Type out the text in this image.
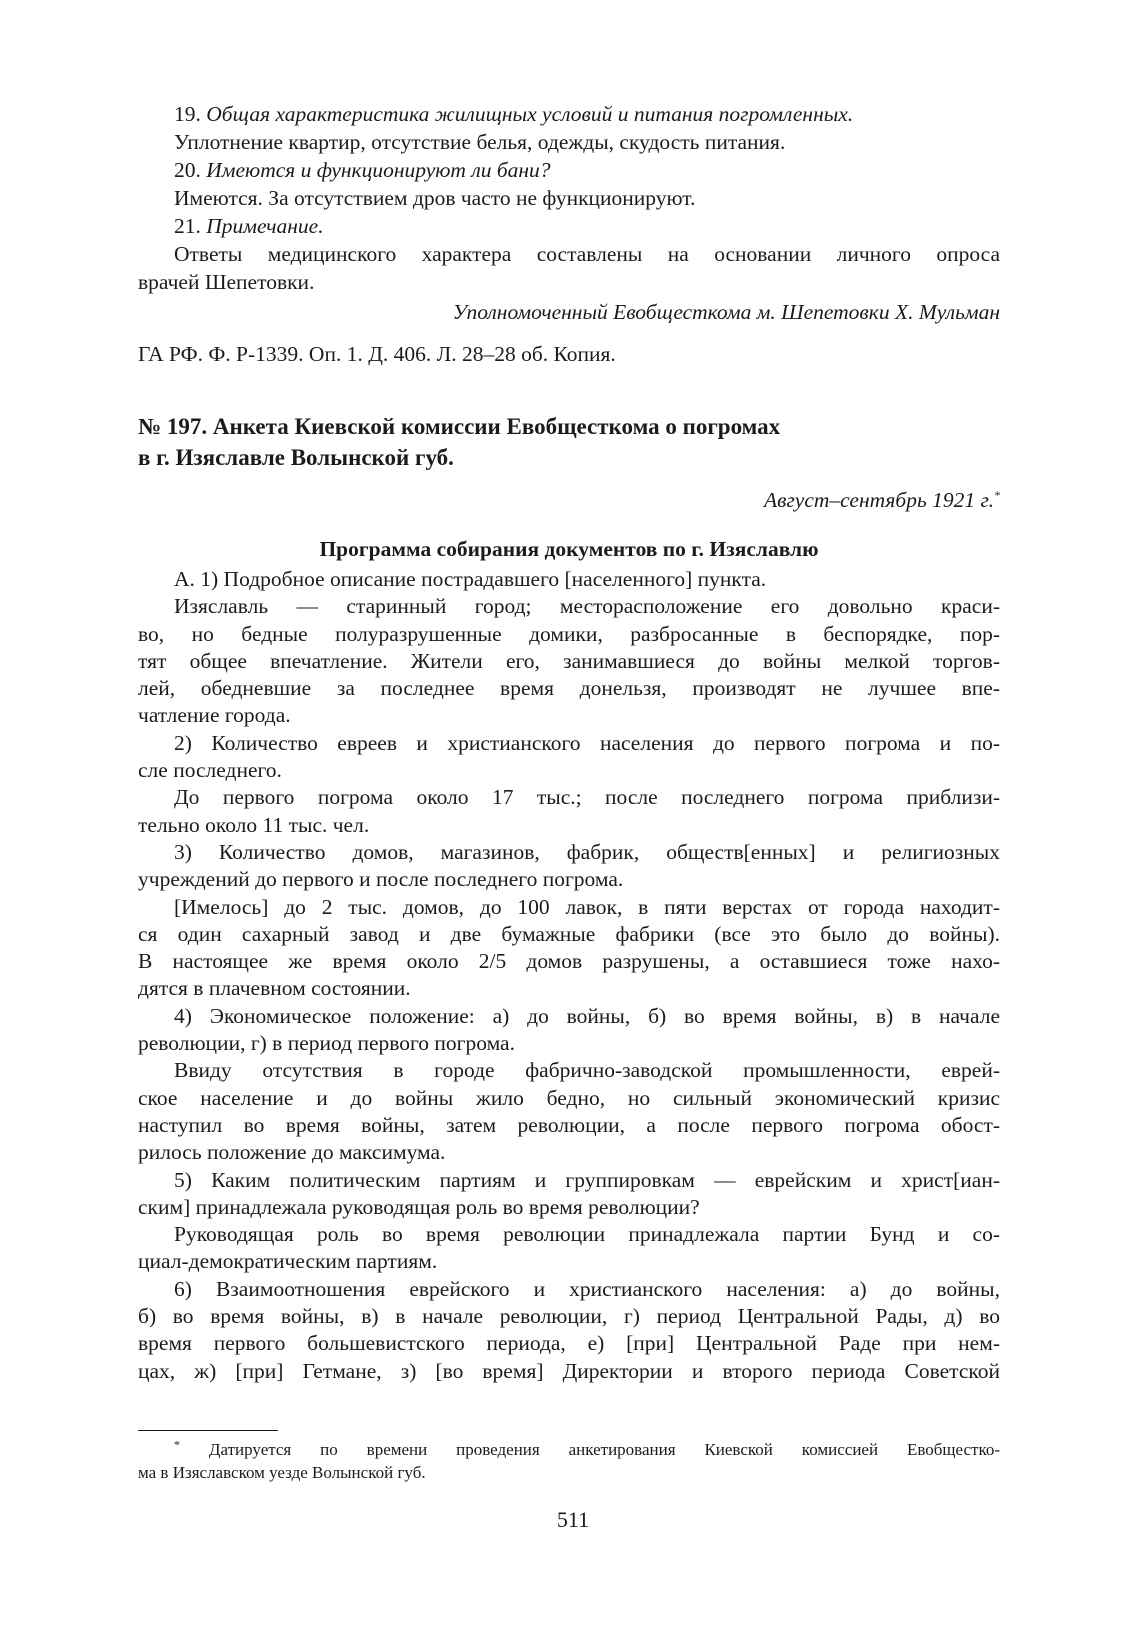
19. Общая характеристика жилищных условий и питания погромленных.

Уплотнение квартир, отсутствие белья, одежды, скудость питания.

20. Имеются и функционируют ли бани?

Имеются. За отсутствием дров часто не функционируют.

21. Примечание.

Ответы медицинского характера составлены на основании личного опроса

врачей Шепетовки.

Уполномоченный Евобщесткома м. Шепетовки Х. Мульман

ГА РФ. Ф. Р-1339. Оп. 1. Д. 406. Л. 28–28 об. Копия.

№ 197. Анкета Киевской комиссии Евобщесткома о погромах

в г. Изяславле Волынской губ.

Август–сентябрь 1921 г.*

Программа собирания документов по г. Изяславлю

А. 1) Подробное описание пострадавшего [населенного] пункта.

Изяславль — старинный город; месторасположение его довольно краси-

во, но бедные полуразрушенные домики, разбросанные в беспорядке, пор-

тят общее впечатление. Жители его, занимавшиеся до войны мелкой торгов-

лей, обедневшие за последнее время донельзя, производят не лучшее впе-

чатление города.

2) Количество евреев и христианского населения до первого погрома и по-

сле последнего.

До первого погрома около 17 тыс.; после последнего погрома приблизи-

тельно около 11 тыс. чел.

3) Количество домов, магазинов, фабрик, обществ[енных] и религиозных

учреждений до первого и после последнего погрома.

[Имелось] до 2 тыс. домов, до 100 лавок, в пяти верстах от города находит-

ся один сахарный завод и две бумажные фабрики (все это было до войны).

В настоящее же время около 2/5 домов разрушены, а оставшиеся тоже нахо-

дятся в плачевном состоянии.

4) Экономическое положение: а) до войны, б) во время войны, в) в начале

революции, г) в период первого погрома.

Ввиду отсутствия в городе фабрично-заводской промышленности, еврей-

ское население и до войны жило бедно, но сильный экономический кризис

наступил во время войны, затем революции, а после первого погрома обост-

рилось положение до максимума.

5) Каким политическим партиям и группировкам — еврейским и христ[иан-

ским] принадлежала руководящая роль во время революции?

Руководящая роль во время революции принадлежала партии Бунд и со-

циал-демократическим партиям.

6) Взаимоотношения еврейского и христианского населения: а) до войны,

б) во время войны, в) в начале революции, г) период Центральной Рады, д) во

время первого большевистского периода, е) [при] Центральной Раде при нем-

цах, ж) [при] Гетмане, з) [во время] Директории и второго периода Советской

* Датируется по времени проведения анкетирования Киевской комиссией Евобщестко-

ма в Изяславском уезде Волынской губ.

511
